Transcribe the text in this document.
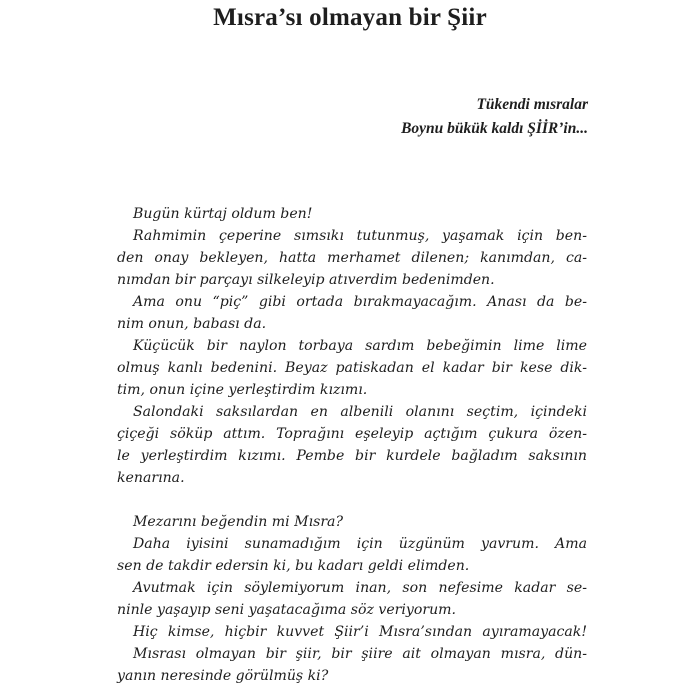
Mısra’sı olmayan bir Şiir
Tükendi mısralar
Boynu bükük kaldı ŞİİR’in...
Bugün kürtaj oldum ben!
Rahmimin çeperine sımsıkı tutunmuş, yaşamak için ben-
den onay bekleyen, hatta merhamet dilenen; kanımdan, ca-
nımdan bir parçayı silkeleyip atıverdim bedenimden.
Ama onu “piç” gibi ortada bırakmayacağım. Anası da be-
nim onun, babası da.
Küçücük bir naylon torbaya sardım bebeğimin lime lime
olmuş kanlı bedenini. Beyaz patiskadan el kadar bir kese dik-
tim, onun içine yerleştirdim kızımı.
Salondaki saksılardan en albenili olanını seçtim, içindeki
çiçeği söküp attım. Toprağını eşeleyip açtığım çukura özen-
le yerleştirdim kızımı. Pembe bir kurdele bağladım saksının
kenarına.
Mezarını beğendin mi Mısra?
Daha iyisini sunamadığım için üzgünüm yavrum. Ama
sen de takdir edersin ki, bu kadarı geldi elimden.
Avutmak için söylemiyorum inan, son nefesime kadar se-
ninle yaşayıp seni yaşatacağıma söz veriyorum.
Hiç kimse, hiçbir kuvvet Şiir’i Mısra’sından ayıramayacak!
Mısrası olmayan bir şiir, bir şiire ait olmayan mısra, dün-
yanın neresinde görülmüş ki?
